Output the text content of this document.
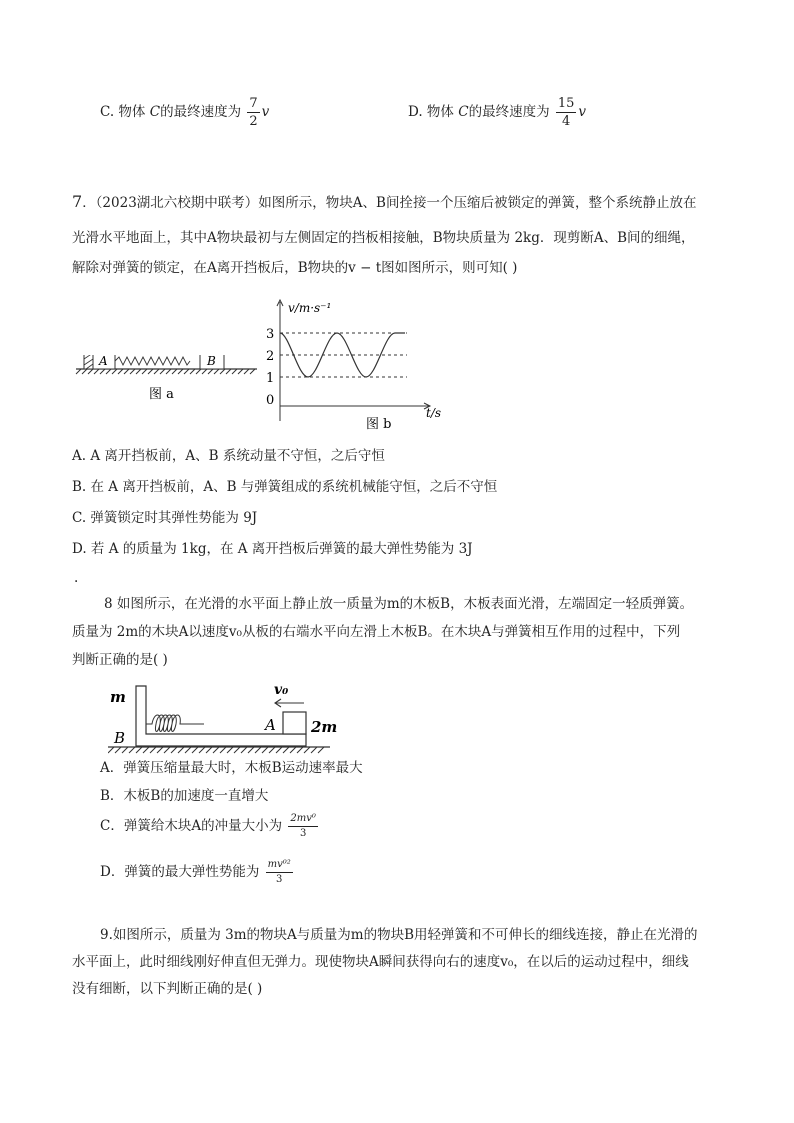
C. 物体 C的最终速度为 $\frac{7}{2}$ v	D. 物体 C的最终速度为 $\frac{15}{4}$ v
7．（2023湖北六校期中联考）如图所示，物块A、B间拴接一个压缩后被锁定的弹簧，整个系统静止放在
光滑水平地面上，其中A物块最初与左侧固定的挡板相接触，B物块质量为 2kg．现剪断A、B间的细绳，
解除对弹簧的锁定，在A离开挡板后，B物块的v − t图如图所示，则可知( )
A	B
图 a
v/m·s⁻¹
t/s
3
2
1
0
图 b
A. A 离开挡板前，A、B 系统动量不守恒，之后守恒
B. 在 A 离开挡板前，A、B 与弹簧组成的系统机械能守恒，之后不守恒
C. 弹簧锁定时其弹性势能为 9J
D. 若 A 的质量为 1kg，在 A 离开挡板后弹簧的最大弹性势能为 3J
.
8 如图所示，在光滑的水平面上静止放一质量为m的木板B，木板表面光滑，左端固定一轻质弹簧。
质量为 2m的木块A以速度v₀从板的右端水平向左滑上木板B。在木块A与弹簧相互作用的过程中，下列
判断正确的是( )
m
B
A 2m
v₀
A．弹簧压缩量最大时，木板B运动速率最大
B．木板B的加速度一直增大
C．弹簧给木块A的冲量大小为 $\frac{\text{2mv⁰}}{3}$
D．弹簧的最大弹性势能为 $\frac{\text{mv⁰²}}{3}$
9.如图所示，质量为 3m的物块A与质量为m的物块B用轻弹簧和不可伸长的细线连接，静止在光滑的
水平面上，此时细线刚好伸直但无弹力。现使物块A瞬间获得向右的速度v₀，在以后的运动过程中，细线
没有细断，以下判断正确的是( )
